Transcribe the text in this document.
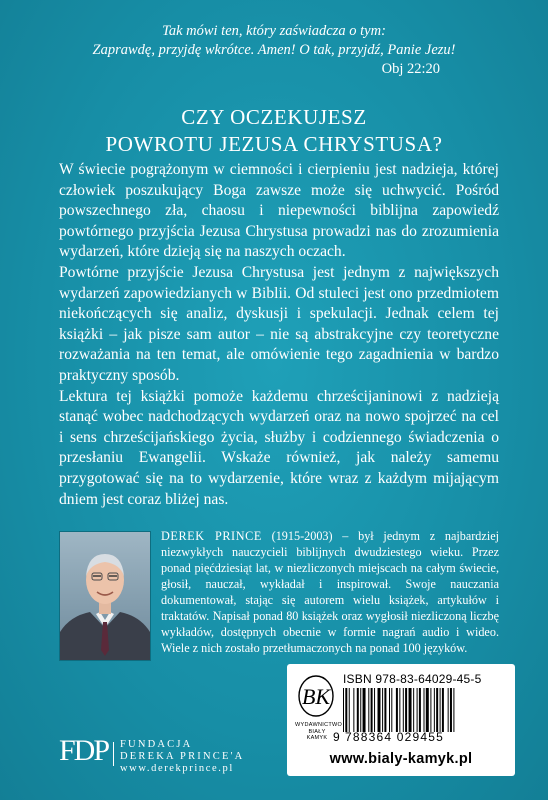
Tak mówi ten, który zaświadcza o tym:
Zaprawdę, przyjdę wkrótce. Amen! O tak, przyjdź, Panie Jezu!
Obj 22:20
CZY OCZEKUJESZ
POWROTU JEZUSA CHRYSTUSA?

W świecie pogrążonym w ciemności i cierpieniu jest nadzieja, której człowiek poszukujący Boga zawsze może się uchwycić. Pośród powszechnego zła, chaosu i niepewności biblijna zapowiedź powtórnego przyjścia Jezusa Chrystusa prowadzi nas do zrozumienia wydarzeń, które dzieją się na naszych oczach.

Powtórne przyjście Jezusa Chrystusa jest jednym z największych wydarzeń zapowiedzianych w Biblii. Od stuleci jest ono przedmiotem niekończących się analiz, dyskusji i spekulacji. Jednak celem tej książki – jak pisze sam autor – nie są abstrakcyjne czy teoretyczne rozważania na ten temat, ale omówienie tego zagadnienia w bardzo praktyczny sposób.

Lektura tej książki pomoże każdemu chrześcijaninowi z nadzieją stanąć wobec nadchodzących wydarzeń oraz na nowo spojrzeć na cel i sens chrześcijańskiego życia, służby i codziennego świadczenia o przesłaniu Ewangelii. Wskaże również, jak należy samemu przygotować się na to wydarzenie, które wraz z każdym mijającym dniem jest coraz bliżej nas.

DEREK PRINCE (1915-2003) – był jednym z najbardziej niezwykłych nauczycieli biblijnych dwudziestego wieku. Przez ponad pięćdziesiąt lat, w niezliczonych miejscach na całym świecie, głosił, nauczał, wykładał i inspirował. Swoje nauczania dokumentował, stając się autorem wielu książek, artykułów i traktatów. Napisał ponad 80 książek oraz wygłosił niezliczoną liczbę wykładów, dostępnych obecnie w formie nagrań audio i wideo. Wiele z nich zostało przetłumaczonych na ponad 100 języków.
FDP FUNDACJA
DEREKA PRINCE'A
www.derekprince.pl
BK
WYDAWNICTWO
BIAŁY
KAMYK
ISBN 978-83-64029-45-5
9 788364 029455
www.bialy-kamyk.pl
